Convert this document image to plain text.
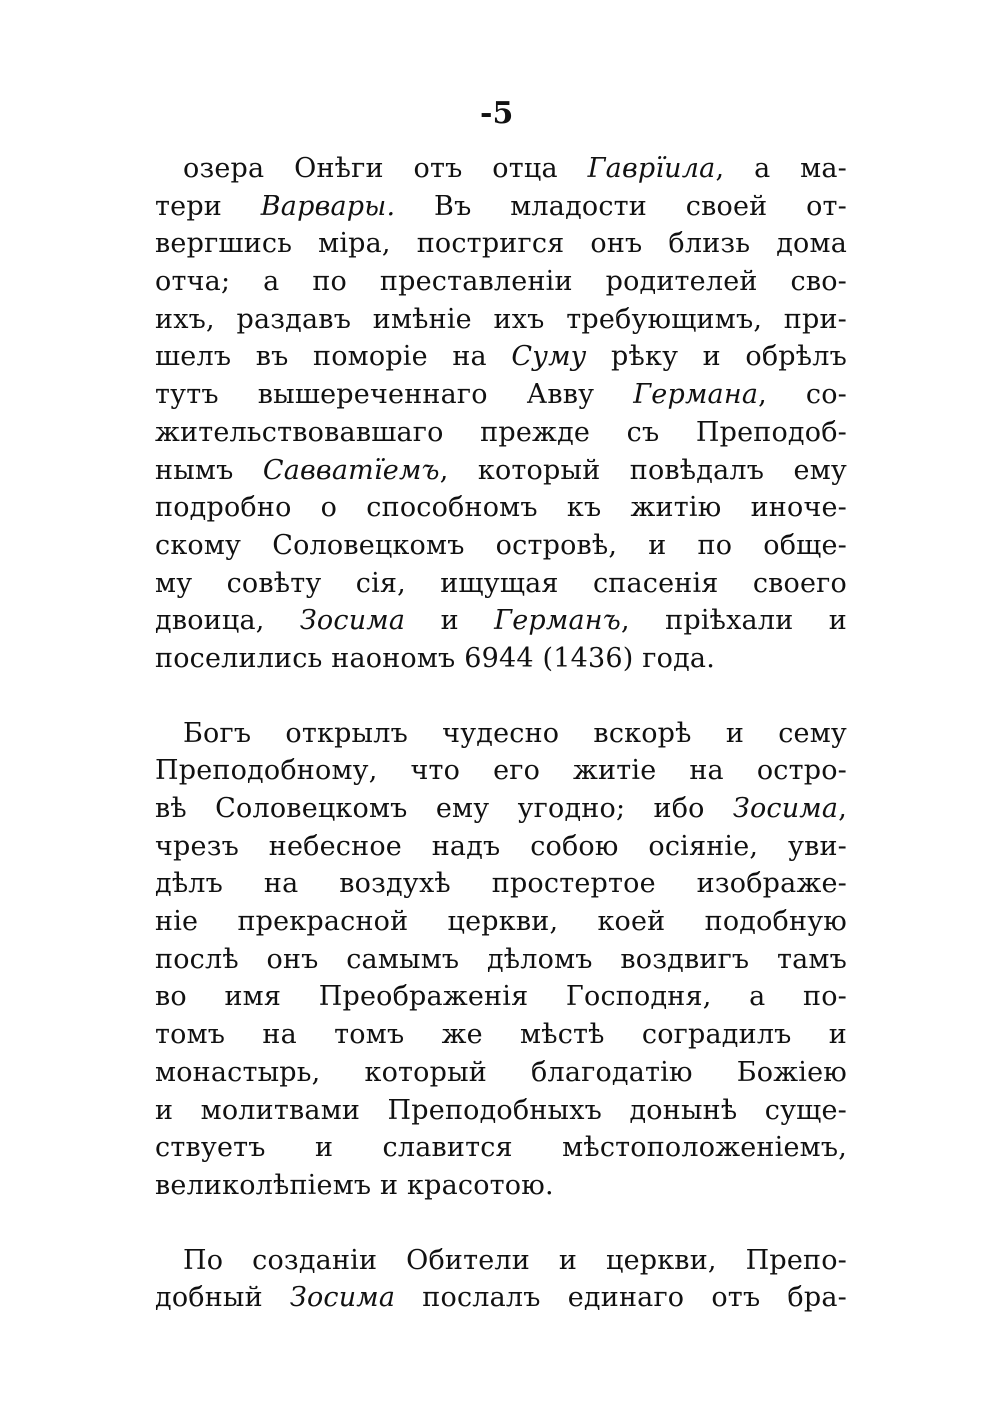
-5
озера Онѣги отъ отца Гаврїила, а ма-
тери Варвары. Въ младости своей от-
вергшись міра, постригся онъ близь дома
отча; а по преставленіи родителей сво-
ихъ, раздавъ имѣніе ихъ требующимъ, при-
шелъ въ поморіе на Суму рѣку и обрѣлъ
тутъ вышереченнаго Авву Германа, со-
жительствовавшаго прежде съ Преподоб-
нымъ Савватїемъ, который повѣдалъ ему
подробно о способномъ къ житію иноче-
скому Соловецкомъ островѣ, и по обще-
му совѣту сія, ищущая спасенія своего
двоица, Зосима и Германъ, пріѣхали и
поселились наономъ 6944 (1436) года.
Богъ открылъ чудесно вскорѣ и сему
Преподобному, что его житіе на остро-
вѣ Соловецкомъ ему угодно; ибо Зосима,
чрезъ небесное надъ собою осіяніе, уви-
дѣлъ на воздухѣ простертое изображе-
ніе прекрасной церкви, коей подобную
послѣ онъ самымъ дѣломъ воздвигъ тамъ
во имя Преображенія Господня, а по-
томъ на томъ же мѣстѣ соградилъ и
монастырь, который благодатію Божіею
и молитвами Преподобныхъ донынѣ суще-
ствуетъ и славится мѣстоположеніемъ,
великолѣпіемъ и красотою.
По созданіи Обители и церкви, Препо-
добный Зосима послалъ единаго отъ бра-
